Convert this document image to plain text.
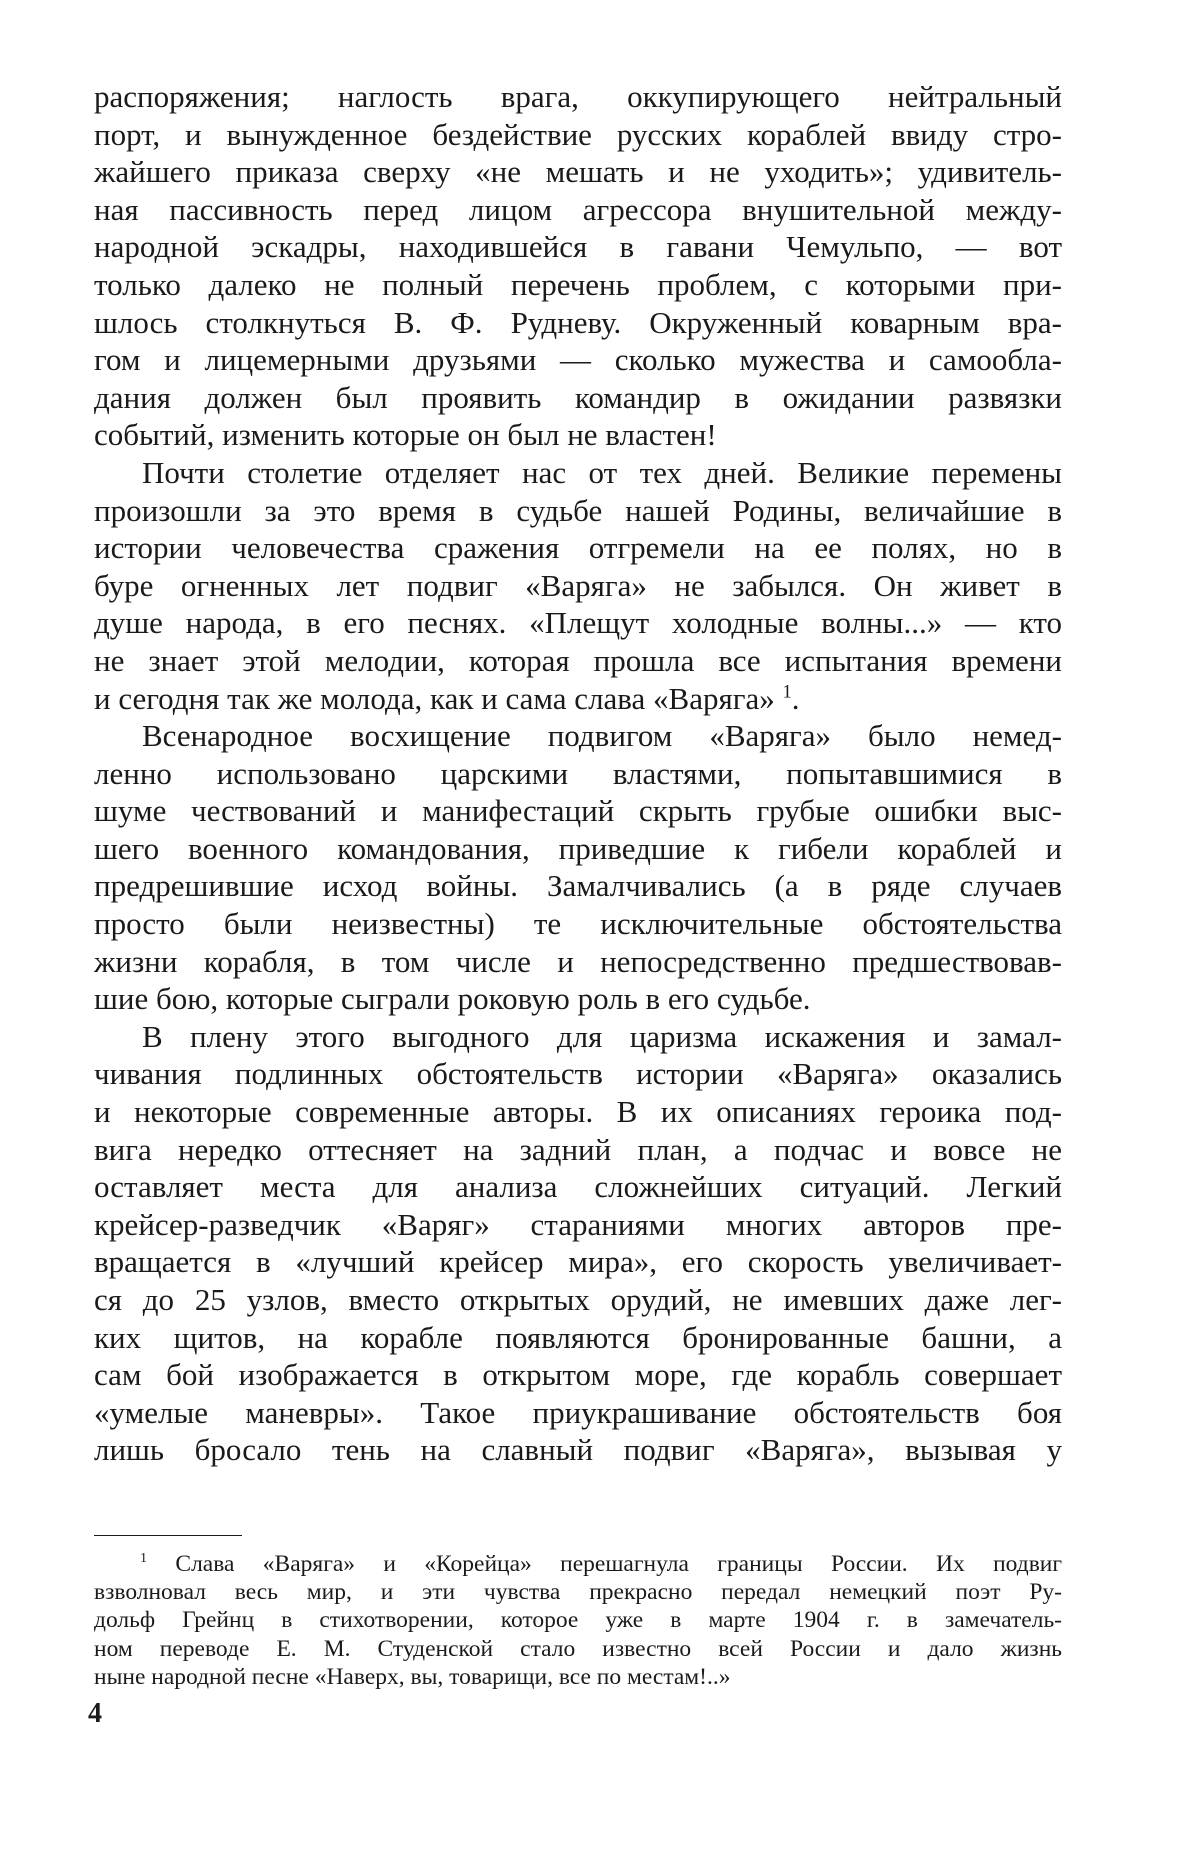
распоряжения; наглость врага, оккупирующего нейтральный
порт, и вынужденное бездействие русских кораблей ввиду стро-
жайшего приказа сверху «не мешать и не уходить»; удивитель-
ная пассивность перед лицом агрессора внушительной между-
народной эскадры, находившейся в гавани Чемульпо, — вот
только далеко не полный перечень проблем, с которыми при-
шлось столкнуться В. Ф. Рудневу. Окруженный коварным вра-
гом и лицемерными друзьями — сколько мужества и самообла-
дания должен был проявить командир в ожидании развязки
событий, изменить которые он был не властен!

Почти столетие отделяет нас от тех дней. Великие перемены
произошли за это время в судьбе нашей Родины, величайшие в
истории человечества сражения отгремели на ее полях, но в
буре огненных лет подвиг «Варяга» не забылся. Он живет в
душе народа, в его песнях. «Плещут холодные волны...» — кто
не знает этой мелодии, которая прошла все испытания времени
и сегодня так же молода, как и сама слава «Варяга» $^1$.

Всенародное восхищение подвигом «Варяга» было немед-
ленно использовано царскими властями, попытавшимися в
шуме чествований и манифестаций скрыть грубые ошибки выс-
шего военного командования, приведшие к гибели кораблей и
предрешившие исход войны. Замалчивались (а в ряде случаев
просто были неизвестны) те исключительные обстоятельства
жизни корабля, в том числе и непосредственно предшествовав-
шие бою, которые сыграли роковую роль в его судьбе.

В плену этого выгодного для царизма искажения и замал-
чивания подлинных обстоятельств истории «Варяга» оказались
и некоторые современные авторы. В их описаниях героика под-
вига нередко оттесняет на задний план, а подчас и вовсе не
оставляет места для анализа сложнейших ситуаций. Легкий
крейсер-разведчик «Варяг» стараниями многих авторов пре-
вращается в «лучший крейсер мира», его скорость увеличивает-
ся до 25 узлов, вместо открытых орудий, не имевших даже лег-
ких щитов, на корабле появляются бронированные башни, а
сам бой изображается в открытом море, где корабль совершает
«умелые маневры». Такое приукрашивание обстоятельств боя
лишь бросало тень на славный подвиг «Варяга», вызывая у

$^1$ Слава «Варяга» и «Корейца» перешагнула границы России. Их подвиг
взволновал весь мир, и эти чувства прекрасно передал немецкий поэт Ру-
дольф Грейнц в стихотворении, которое уже в марте 1904 г. в замечатель-
ном переводе Е. М. Студенской стало известно всей России и дало жизнь
ныне народной песне «Наверх, вы, товарищи, все по местам!..»
4
